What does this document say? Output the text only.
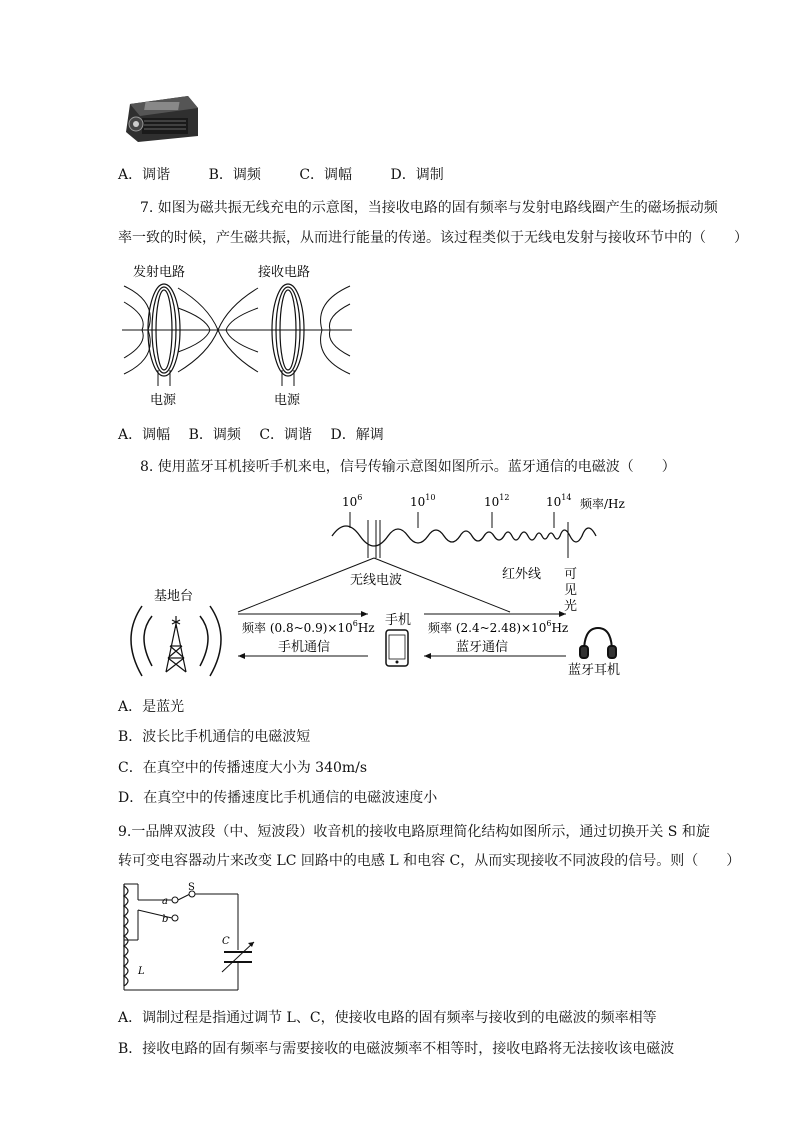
A．调谐	B．调频	C．调幅	D．调制
7. 如图为磁共振无线充电的示意图，当接收电路的固有频率与发射电路线圈产生的磁场振动频
率一致的时候，产生磁共振，从而进行能量的传递。该过程类似于无线电发射与接收环节中的（　　）
发射电路	接收电路
电源	电源
A．调幅 B．调频 C．调谐 D．解调
8. 使用蓝牙耳机接听手机来电，信号传输示意图如图所示。蓝牙通信的电磁波（　　）
$10^6$	$10^{10}$	$10^{12}$	$10^{14}$ 频率/Hz
无线电波	红外线 可
见
光
基地台
频率 $(0.8\sim 0.9)\times 10^6Hz$
手机通信
手机 频率 $(2.4\sim 2.48)\times 10^6Hz$
蓝牙通信
蓝牙耳机
A．是蓝光
B．波长比手机通信的电磁波短
C．在真空中的传播速度大小为 340m/s
D．在真空中的传播速度比手机通信的电磁波速度小
9.一品牌双波段（中、短波段）收音机的接收电路原理简化结构如图所示，通过切换开关 S 和旋
转可变电容器动片来改变 LC 回路中的电感 L 和电容 C，从而实现接收不同波段的信号。则（　　）
a
b
S
C
L
A．调制过程是指通过调节 L、C，使接收电路的固有频率与接收到的电磁波的频率相等
B．接收电路的固有频率与需要接收的电磁波频率不相等时，接收电路将无法接收该电磁波
